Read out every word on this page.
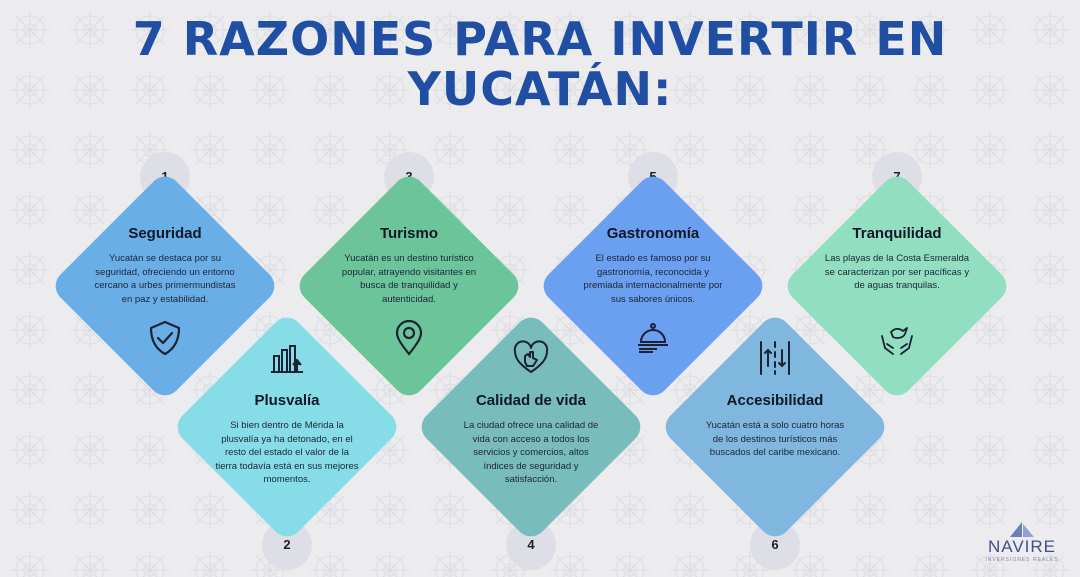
7 RAZONES PARA INVERTIR EN YUCATÁN:
2	4	6
Seguridad

Yucatán se destaca por su seguridad, ofreciendo un entorno cercano a urbes primermundistas en paz y estabilidad.

Turismo

Yucatán es un destino turístico popular, atrayendo visitantes en busca de tranquilidad y autenticidad.

Gastronomía

El estado es famoso por su gastronomía, reconocida y premiada internacionalmente por sus sabores únicos.

Tranquilidad

Las playas de la Costa Esmeralda se caracterizan por ser pacíficas y de aguas tranquilas.

Plusvalía

Si bien dentro de Mérida la plusvalía ya ha detonado, en el resto del estado el valor de la tierra todavía está en sus mejores momentos.

Calidad de vida

La ciudad ofrece una calidad de vida con acceso a todos los servicios y comercios, altos índices de seguridad y satisfacción.

Accesibilidad

Yucatán está a solo cuatro horas de los destinos turísticos más buscados del caribe mexicano.

NAVIRE
INVERSIONES REALES
